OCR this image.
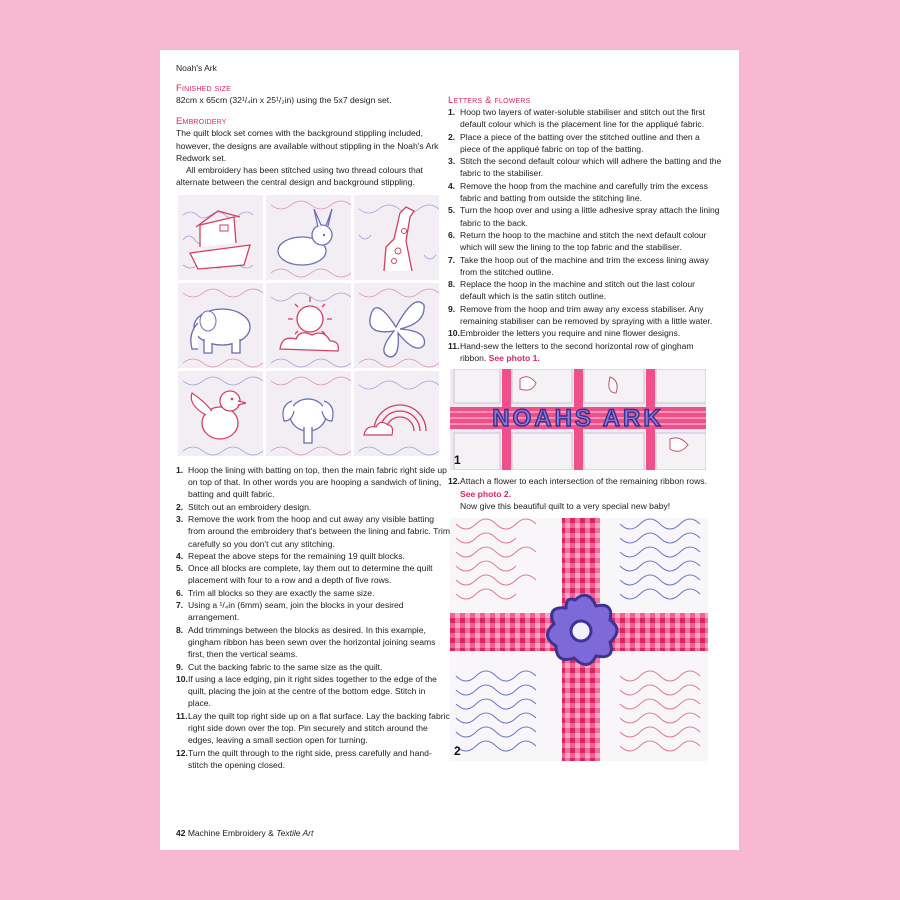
Noah's Ark
Finished size

82cm x 65cm (32¹/₄in x 25¹/₂in) using the 5x7 design set.

Embroidery

The quilt block set comes with the background stippling included, however, the designs are available without stippling in the Noah's Ark Redwork set.

All embroidery has been stitched using two thread colours that alternate between the central design and background stippling.

1. Hoop the lining with batting on top, then the main fabric right side up on top of that. In other words you are hooping a sandwich of lining, batting and quilt fabric.
2. Stitch out an embroidery design.
3. Remove the work from the hoop and cut away any visible batting from around the embroidery that's between the lining and fabric. Trim carefully so you don't cut any stitching.
4. Repeat the above steps for the remaining 19 quilt blocks.
5. Once all blocks are complete, lay them out to determine the quilt placement with four to a row and a depth of five rows.
6. Trim all blocks so they are exactly the same size.
7. Using a ¹/₄in (6mm) seam, join the blocks in your desired arrangement.
8. Add trimmings between the blocks as desired. In this example, gingham ribbon has been sewn over the horizontal joining seams first, then the vertical seams.
9. Cut the backing fabric to the same size as the quilt.
10. If using a lace edging, pin it right sides together to the edge of the quilt, placing the join at the centre of the bottom edge. Stitch in place.
11. Lay the quilt top right side up on a flat surface. Lay the backing fabric right side down over the top. Pin securely and stitch around the edges, leaving a small section open for turning.
12. Turn the quilt through to the right side, press carefully and hand-stitch the opening closed.
Letters & flowers
1. Hoop two layers of water-soluble stabiliser and stitch out the first default colour which is the placement line for the appliqué fabric.
2. Place a piece of the batting over the stitched outline and then a piece of the appliqué fabric on top of the batting.
3. Stitch the second default colour which will adhere the batting and the fabric to the stabiliser.
4. Remove the hoop from the machine and carefully trim the excess fabric and batting from outside the stitching line.
5. Turn the hoop over and using a little adhesive spray attach the lining fabric to the back.
6. Return the hoop to the machine and stitch the next default colour which will sew the lining to the top fabric and the stabiliser.
7. Take the hoop out of the machine and trim the excess lining away from the stitched outline.
8. Replace the hoop in the machine and stitch out the last colour default which is the satin stitch outline.
9. Remove from the hoop and trim away any excess stabiliser. Any remaining stabiliser can be removed by spraying with a little water.
10. Embroider the letters you require and nine flower designs.
11. Hand-sew the letters to the second horizontal row of gingham ribbon. See photo 1.
NOAHS ARK
1
12. Attach a flower to each intersection of the remaining ribbon rows. See photo 2.

Now give this beautiful quilt to a very special new baby!

2
42 Machine Embroidery & Textile Art
